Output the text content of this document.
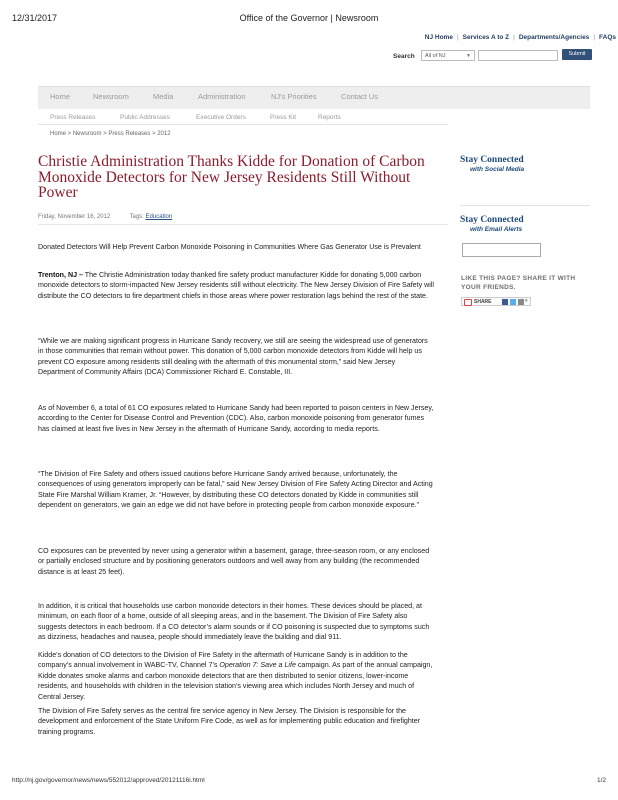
12/31/2017	Office of the Governor | Newsroom
NJ Home | Services A to Z | Departments/Agencies | FAQs
Search	All of NJ	▼	Submit
Home	Newsroom	Media	Administration	NJ's Priorities	Contact Us
Press Releases	Public Addresses	Executive Orders	Press Kit	Reports
Home > Newsroom > Press Releases > 2012
Christie Administration Thanks Kidde for Donation of Carbon Monoxide Detectors for New Jersey Residents Still Without Power
Friday, November 16, 2012	Tags: Education
Donated Detectors Will Help Prevent Carbon Monoxide Poisoning in Communities Where Gas Generator Use is Prevalent
Trenton, NJ – The Christie Administration today thanked fire safety product manufacturer Kidde for donating 5,000 carbon monoxide detectors to storm-impacted New Jersey residents still without electricity. The New Jersey Division of Fire Safety will distribute the CO detectors to fire department chiefs in those areas where power restoration lags behind the rest of the state.
“While we are making significant progress in Hurricane Sandy recovery, we still are seeing the widespread use of generators in those communities that remain without power. This donation of 5,000 carbon monoxide detectors from Kidde will help us prevent CO exposure among residents still dealing with the aftermath of this monumental storm,” said New Jersey Department of Community Affairs (DCA) Commissioner Richard E. Constable, III.
As of November 6, a total of 61 CO exposures related to Hurricane Sandy had been reported to poison centers in New Jersey, according to the Center for Disease Control and Prevention (CDC). Also, carbon monoxide poisoning from generator fumes has claimed at least five lives in New Jersey in the aftermath of Hurricane Sandy, according to media reports.
“The Division of Fire Safety and others issued cautions before Hurricane Sandy arrived because, unfortunately, the consequences of using generators improperly can be fatal,” said New Jersey Division of Fire Safety Acting Director and Acting State Fire Marshal William Kramer, Jr. “However, by distributing these CO detectors donated by Kidde in communities still dependent on generators, we gain an edge we did not have before in protecting people from carbon monoxide exposure.”
CO exposures can be prevented by never using a generator within a basement, garage, three-season room, or any enclosed or partially enclosed structure and by positioning generators outdoors and well away from any building (the recommended distance is at least 25 feet).
In addition, it is critical that households use carbon monoxide detectors in their homes. These devices should be placed, at minimum, on each floor of a home, outside of all sleeping areas, and in the basement. The Division of Fire Safety also suggests detectors in each bedroom. If a CO detector’s alarm sounds or if CO poisoning is suspected due to symptoms such as dizziness, headaches and nausea, people should immediately leave the building and dial 911.
Kidde’s donation of CO detectors to the Division of Fire Safety in the aftermath of Hurricane Sandy is in addition to the company’s annual involvement in WABC-TV, Channel 7’s Operation 7: Save a Life campaign. As part of the annual campaign, Kidde donates smoke alarms and carbon monoxide detectors that are then distributed to senior citizens, lower-income residents, and households with children in the television station’s viewing area which includes North Jersey and much of Central Jersey.
The Division of Fire Safety serves as the central fire service agency in New Jersey. The Division is responsible for the development and enforcement of the State Uniform Fire Code, as well as for implementing public education and firefighter training programs.
Stay Connected
with Social Media
Stay Connected
with Email Alerts
LIKE THIS PAGE? SHARE IT WITH YOUR FRIENDS.
SHARE	▾
http://nj.gov/governor/news/news/552012/approved/20121116i.html	1/2
